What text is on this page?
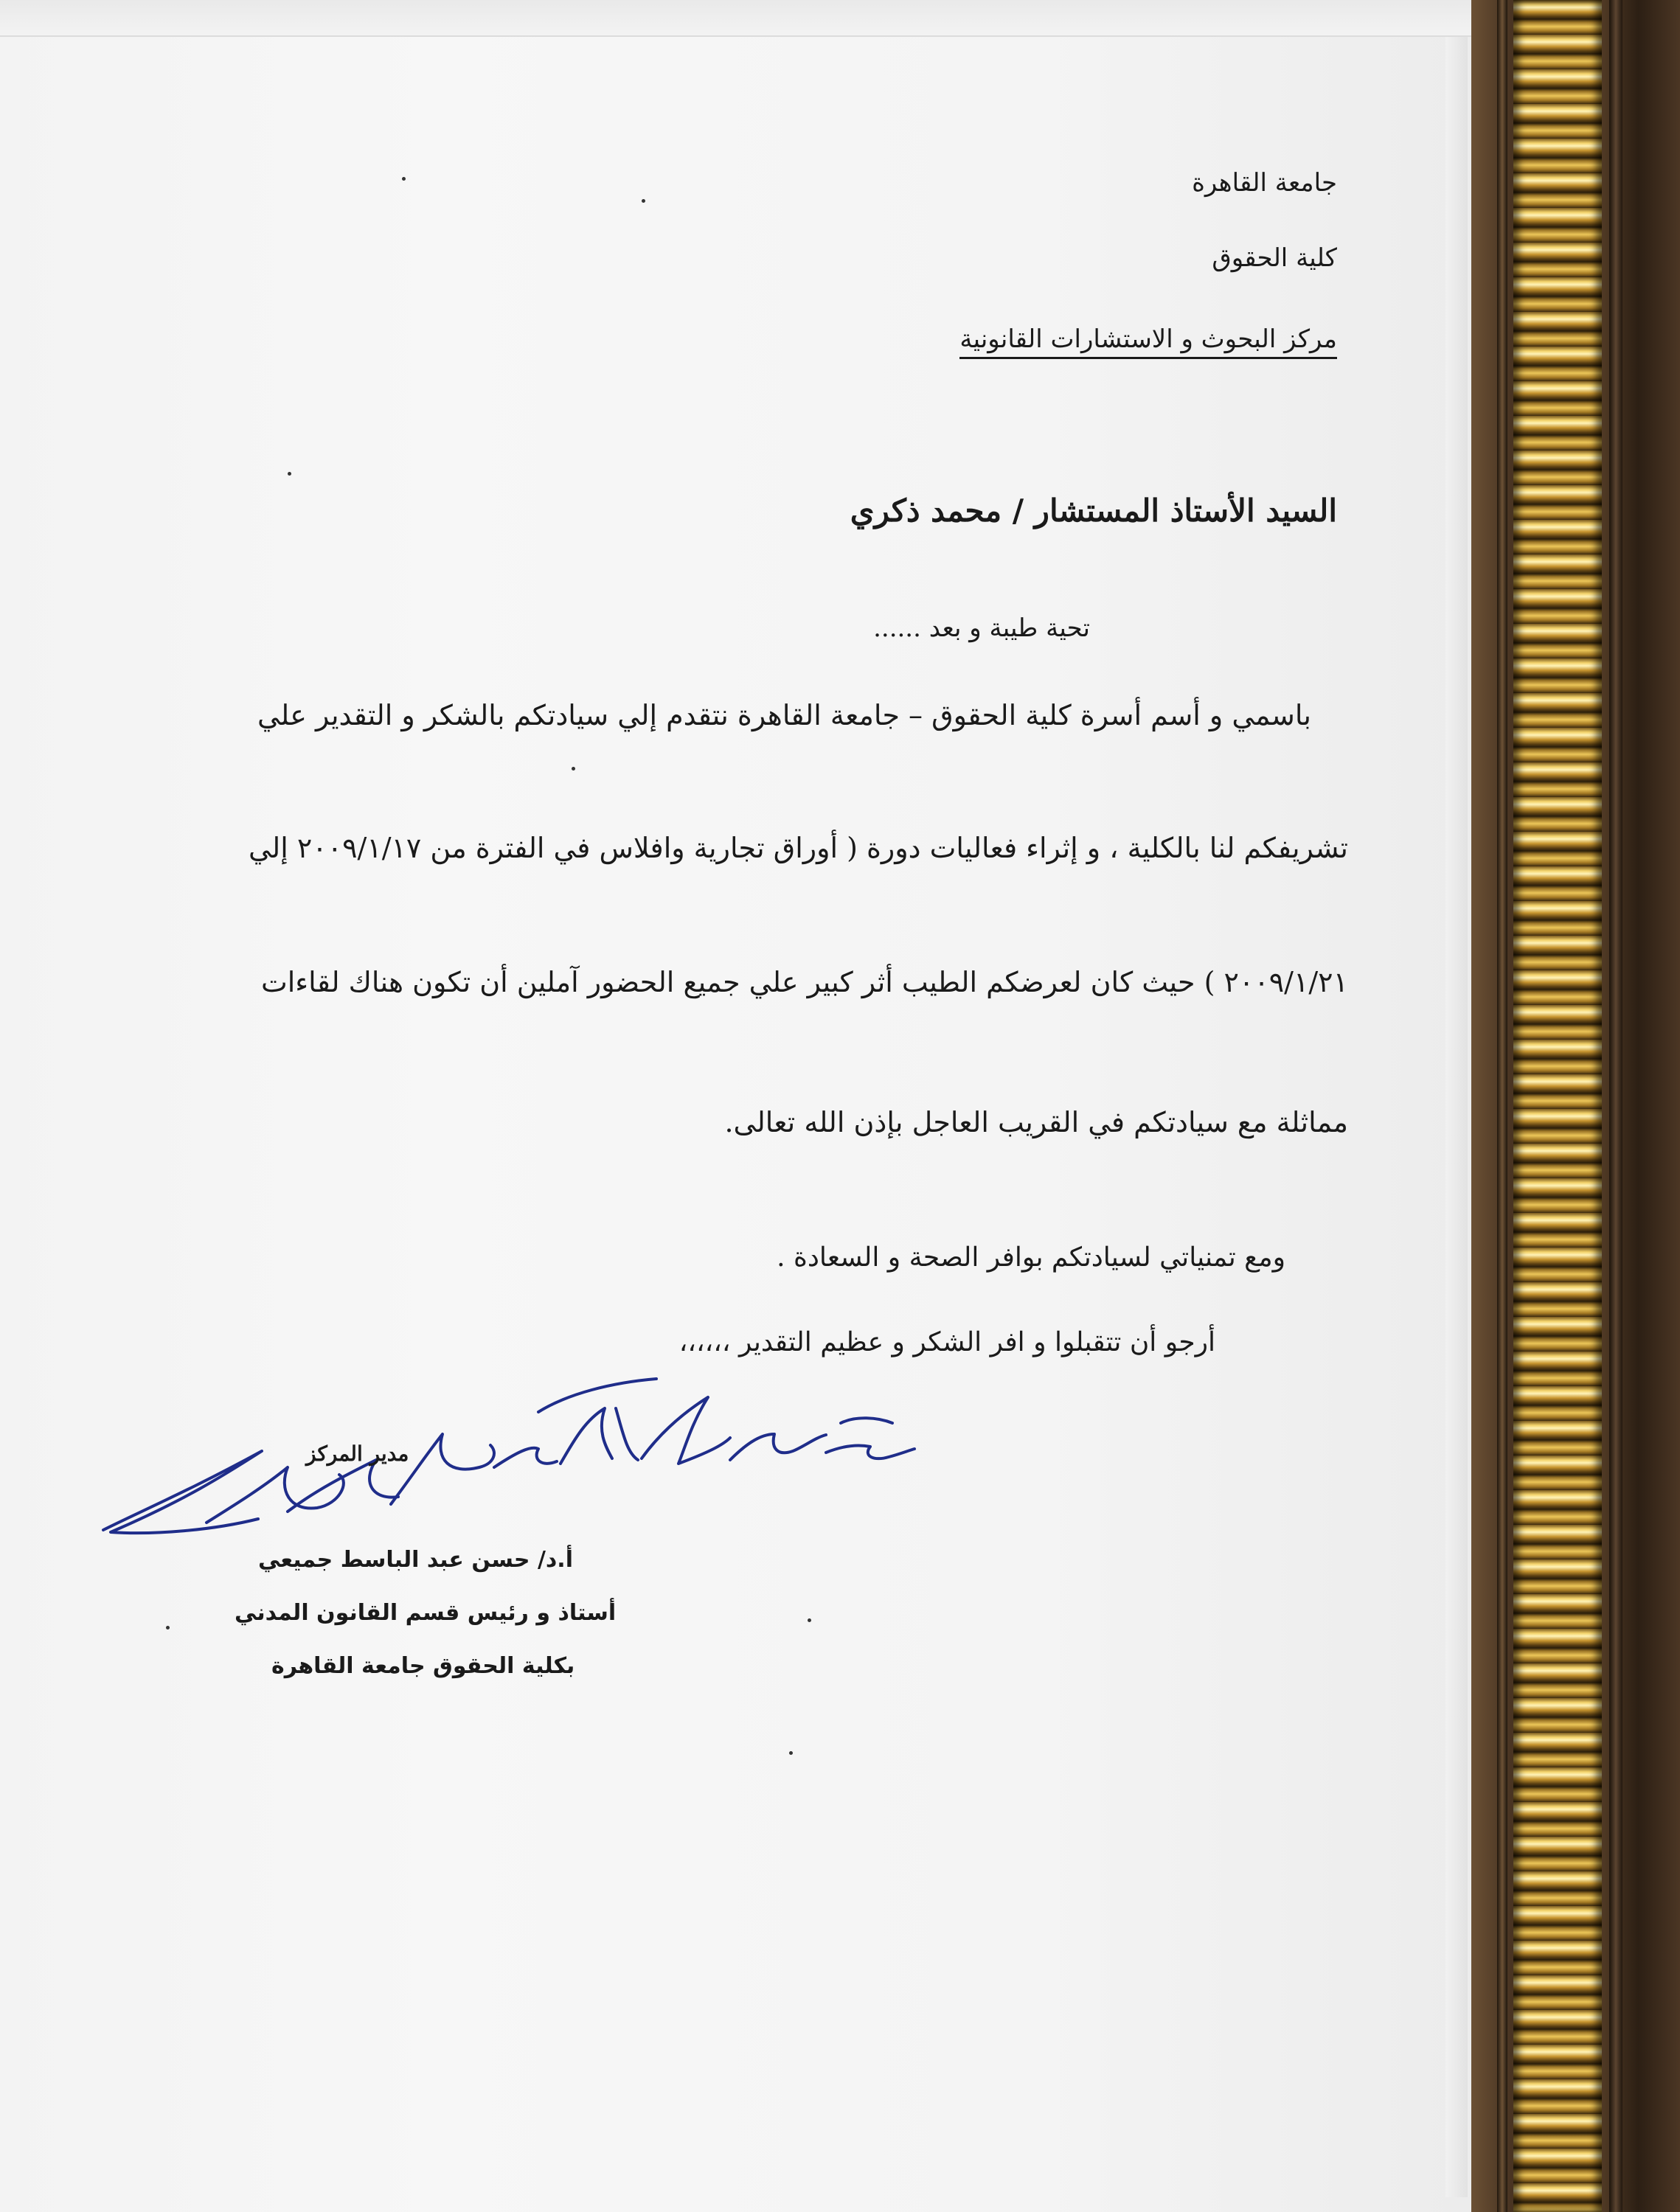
جامعة القاهرة
كلية الحقوق
مركز البحوث و الاستشارات القانونية
السيد الأستاذ المستشار / محمد ذكري
تحية طيبة و بعد ......
باسمي و أسم أسرة كلية الحقوق – جامعة القاهرة نتقدم إلي سيادتكم بالشكر و التقدير علي
تشريفكم لنا بالكلية ، و إثراء فعاليات دورة ( أوراق تجارية وافلاس في الفترة من ٢٠٠٩/١/١٧ إلي
٢٠٠٩/١/٢١ ) حيث كان لعرضكم الطيب أثر كبير علي جميع الحضور آملين أن تكون هناك لقاءات
مماثلة مع سيادتكم في القريب العاجل بإذن الله تعالى.
ومع تمنياتي لسيادتكم بوافر الصحة و السعادة .
أرجو أن تتقبلوا و افر الشكر و عظيم التقدير ،،،،،،
مدير المركز
أ.د/ حسن عبد الباسط جميعي
أستاذ و رئيس قسم القانون المدني
بكلية الحقوق جامعة القاهرة
